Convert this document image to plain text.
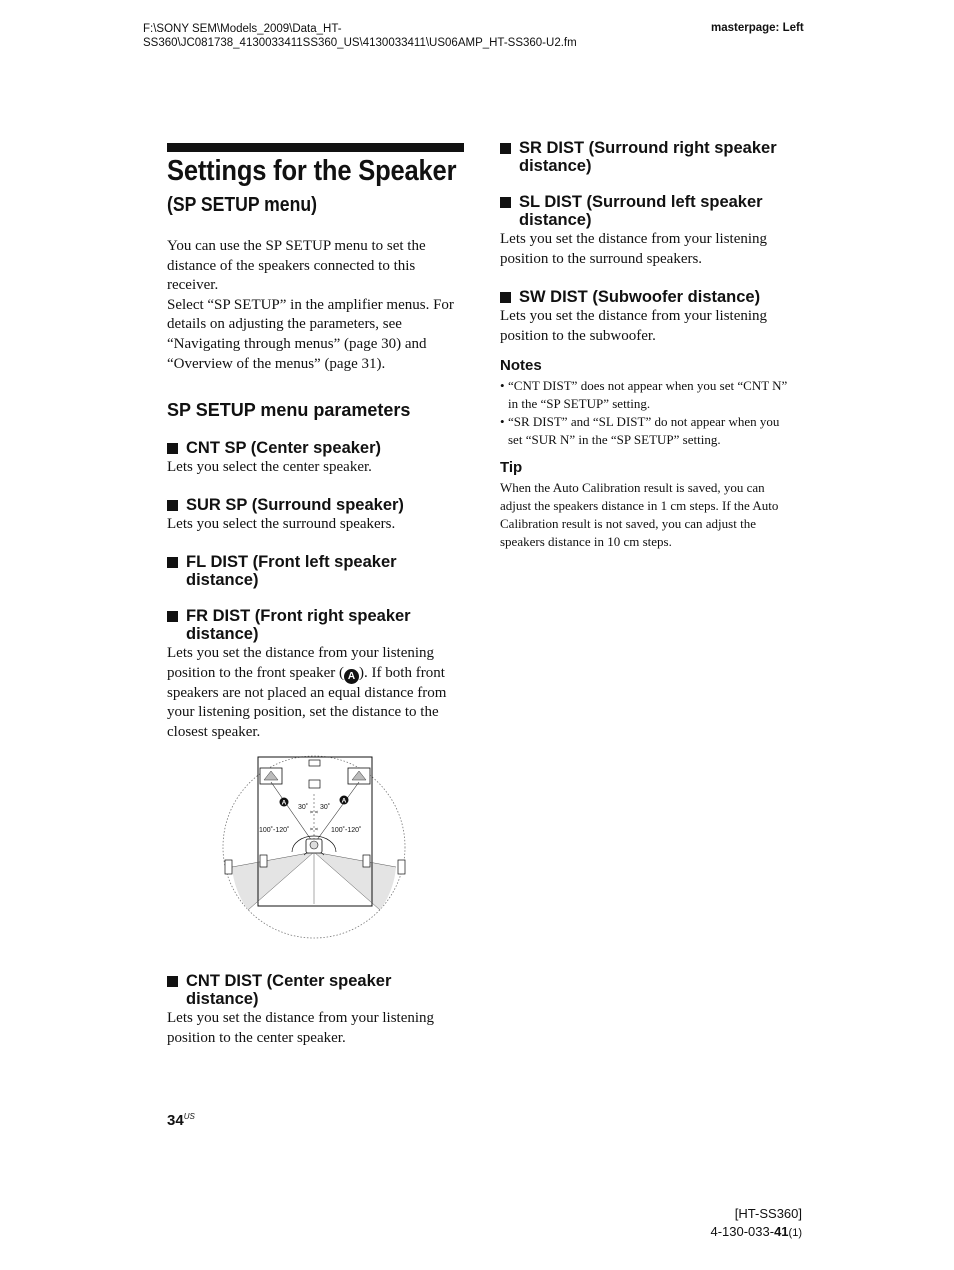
F:\SONY SEM\Models_2009\Data_HT-SS360\JC081738_4130033411SS360_US\4130033411\US06AMP_HT-SS360-U2.fm
masterpage: Left
Settings for the Speaker
(SP SETUP menu)
You can use the SP SETUP menu to set the distance of the speakers connected to this receiver.
Select “SP SETUP” in the amplifier menus. For details on adjusting the parameters, see “Navigating through menus” (page 30) and “Overview of the menus” (page 31).
SP SETUP menu parameters
CNT SP (Center speaker)
Lets you select the center speaker.
SUR SP (Surround speaker)
Lets you select the surround speakers.
FL DIST (Front left speaker distance)
FR DIST (Front right speaker distance)
Lets you set the distance from your listening position to the front speaker ( A ). If both front speakers are not placed an equal distance from your listening position, set the distance to the closest speaker.
A	A
30˚ 30˚
100˚-120˚	100˚-120˚
CNT DIST (Center speaker distance)
Lets you set the distance from your listening position to the center speaker.
SR DIST (Surround right speaker distance)
SL DIST (Surround left speaker distance)
Lets you set the distance from your listening position to the surround speakers.
SW DIST (Subwoofer distance)
Lets you set the distance from your listening position to the subwoofer.
Notes
• “CNT DIST” does not appear when you set “CNT N” in the “SP SETUP” setting.
• “SR DIST” and “SL DIST” do not appear when you set “SUR N” in the “SP SETUP” setting.
Tip
When the Auto Calibration result is saved, you can adjust the speakers distance in 1 cm steps. If the Auto Calibration result is not saved, you can adjust the speakers distance in 10 cm steps.
$34^{US}$
[HT-SS360]
4-130-033-41(1)
